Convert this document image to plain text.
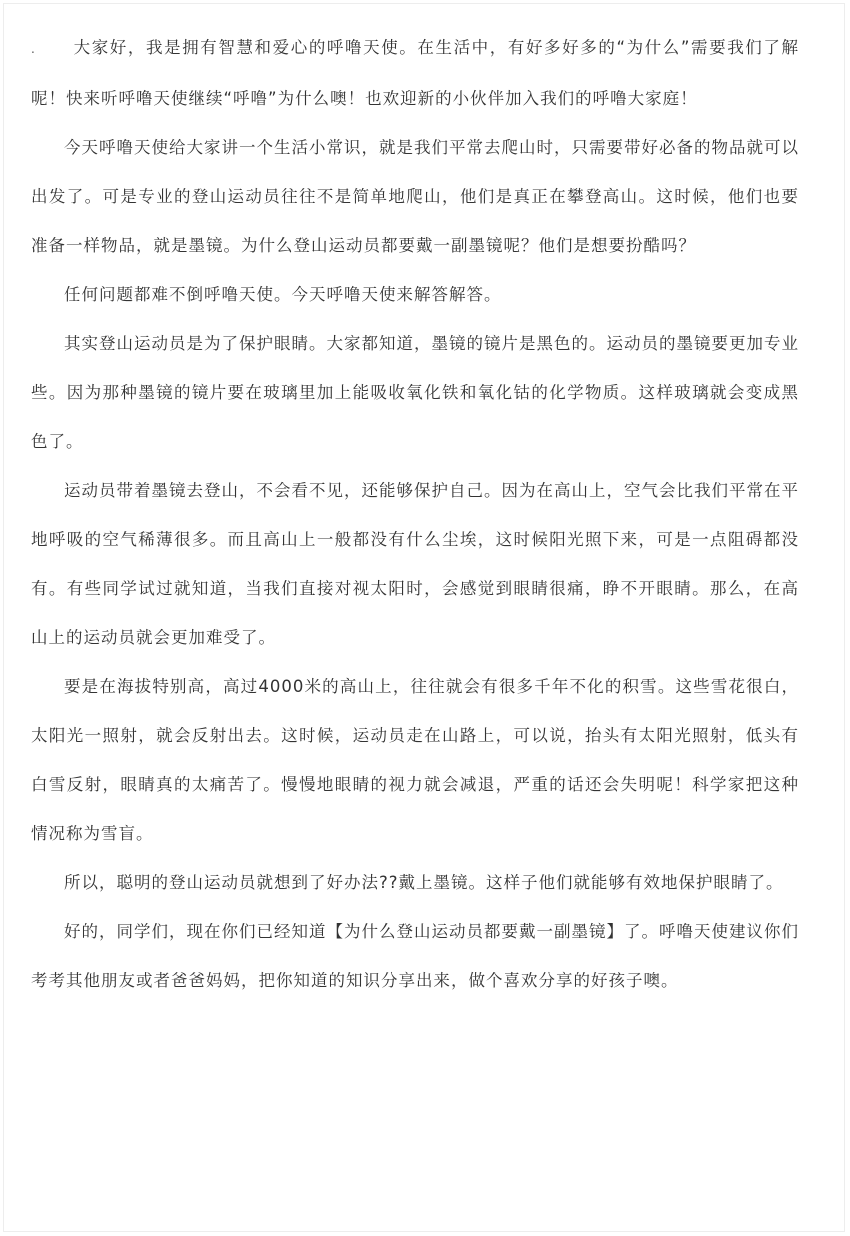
. 大家好，我是拥有智慧和爱心的呼噜天使。在生活中，有好多好多的“为什么”需要我们了解呢！快来听呼噜天使继续“呼噜”为什么噢！也欢迎新的小伙伴加入我们的呼噜大家庭！

今天呼噜天使给大家讲一个生活小常识，就是我们平常去爬山时，只需要带好必备的物品就可以出发了。可是专业的登山运动员往往不是简单地爬山，他们是真正在攀登高山。这时候，他们也要准备一样物品，就是墨镜。为什么登山运动员都要戴一副墨镜呢？他们是想要扮酷吗？

任何问题都难不倒呼噜天使。今天呼噜天使来解答解答。

其实登山运动员是为了保护眼睛。大家都知道，墨镜的镜片是黑色的。运动员的墨镜要更加专业些。因为那种墨镜的镜片要在玻璃里加上能吸收氧化铁和氧化钴的化学物质。这样玻璃就会变成黑色了。

运动员带着墨镜去登山，不会看不见，还能够保护自己。因为在高山上，空气会比我们平常在平地呼吸的空气稀薄很多。而且高山上一般都没有什么尘埃，这时候阳光照下来，可是一点阻碍都没有。有些同学试过就知道，当我们直接对视太阳时，会感觉到眼睛很痛，睁不开眼睛。那么，在高山上的运动员就会更加难受了。

要是在海拔特别高，高过4000米的高山上，往往就会有很多千年不化的积雪。这些雪花很白，太阳光一照射，就会反射出去。这时候，运动员走在山路上，可以说，抬头有太阳光照射，低头有白雪反射，眼睛真的太痛苦了。慢慢地眼睛的视力就会减退，严重的话还会失明呢！科学家把这种情况称为雪盲。

所以，聪明的登山运动员就想到了好办法??戴上墨镜。这样子他们就能够有效地保护眼睛了。

好的，同学们，现在你们已经知道【为什么登山运动员都要戴一副墨镜】了。呼噜天使建议你们考考其他朋友或者爸爸妈妈，把你知道的知识分享出来，做个喜欢分享的好孩子噢。
